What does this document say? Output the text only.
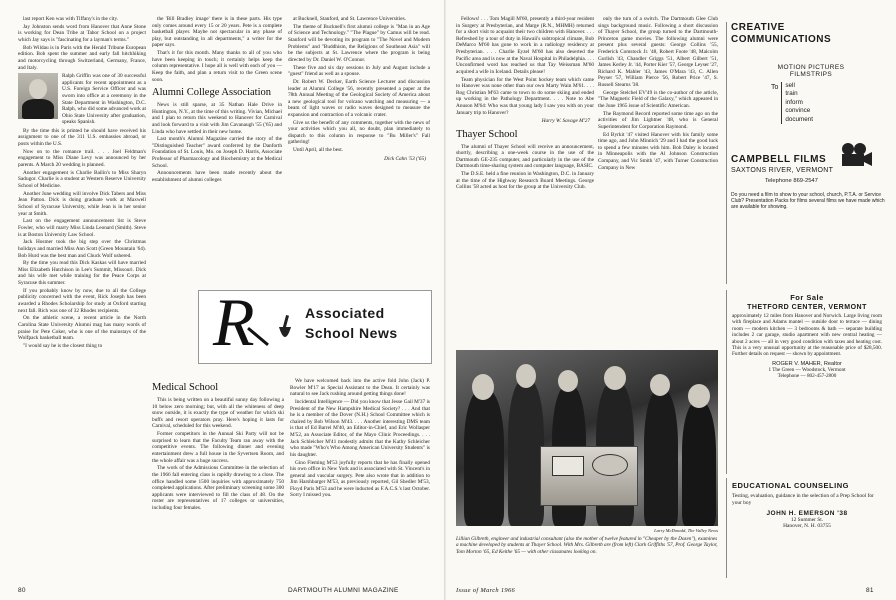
last report Ken was with Tiffany's in the city.

Jay Johnston sends word from Hanover that Anne Stone is working for Dean Tribe at Tabor School on a project which Jay says is "fascinating for a layman's terms."

Bob Wildau is in Paris with the Herald Tribune European edition. Bob spent the summer and early fall hitchhiking and motorcycling through Switzerland, Germany, France, and Italy.

Ralph Griffin was one of 30 successful applicants for recent appointment as a U.S. Foreign Service Officer and was sworn into office at a ceremony in the State Department in Washington, D.C. Ralph, who did some advanced work at Ohio State University after graduation, speaks Spanish.

By the time this is printed he should have received his assignment to one of the 311 U.S. embassies abroad, or posts within the U.S.

Now on to the romance trail. . . . Joel Feldman's engagement to Miss Diane Levy was announced by her parents. A March 20 wedding is planned.

Another engagement is Charlie Bailin's to Miss Sharyn Sadugor. Charlie is a student at Western Reserve University School of Medicine.

Another June wedding will involve Dick Tabers and Miss Jean Patton. Dick is doing graduate work at Maxwell School of Syracuse University, while Jean is in her senior year at Smith.

Last on the engagement announcement list is Steve Fowler, who will marry Miss Linda Leonard (Smith). Steve is at Boston University Law School.

Jack Hosmer took the big step over the Christmas holidays and married Miss Ann Scott (Green Mountain '64). Bob Hurd was the best man and Chuck Wolf ushered.

By the time you read this Dick Kaskas will have married Miss Elizabeth Hutchison in Lee's Summit, Missouri. Dick and his wife met while training for the Peace Corps at Syracuse this summer.

If you probably know by now, due to all the College publicity concerned with the event, Rick Joseph has been awarded a Rhodes Scholarship for study at Oxford starting next fall. Rich was one of 32 Rhodes recipients.

On the athletic scene, a recent article in the North Carolina State University Alumni mag has many words of praise for Pete Coker, who is one of the mainstays of the Wolfpack basketball team.

"I would say he is the closest thing to

the 'Bill Bradley image' there is in these parts. His type only comes around every 15 or 20 years. Pete is a complete basketball player. Maybe not spectacular in any phase of play, but outstanding in all departments," a writer for the paper says.

That's it for this month. Many thanks to all of you who have been keeping in touch; it certainly helps keep the column representative. I hope all is well with each of you — Keep the faith, and plan a return visit to the Green scene soon.

Alumni College Association

News is still sparse, at 35 Nathan Hale Drive in Huntington, N.Y., at the time of this writing. Vivian, Michael and I plan to return this weekend to Hanover for Carnival and look forward to a visit with Jim Cavanaugh '55 ('65) and Linda who have settled in their new home.

Last month's Alumni Magazine carried the story of the "Distinguished Teacher" award conferred by the Danforth Foundation of St. Louis, Mo. on Joseph D. Harris, Associate Professor of Pharmacology and Biochemistry at the Medical School.

Announcements have been made recently about the establishment of alumni colleges

at Bucknell, Stanford, and St. Lawrence Universities.

The theme of Bucknell's first alumni college is "Man in an Age of Science and Technology." "The Plague" by Camus will be read. Stanford will be devoting its program to "The Novel and Modern Problems" and "Buddhism, the Religions of Southeast Asia" will be the subjects at St. Lawrence where the program is being directed by Dr. Daniel W. O'Connor.

These five and six day sessions in July and August include a "guest" friend as well as a spouse.

Dr. Robert W. Decker, Earth Science Lecturer and discussion leader at Alumni College '56, recently presented a paper at the 78th Annual Meeting of the Geological Society of America about a new geological tool for volcano watching and measuring — a beam of light waves or radio waves designed to measure the expansion and contraction of a volcanic crater.

Give us the benefit of any comments, together with the news of your activities which you all, no doubt, plan immediately to dispatch to this column in response to "Bu Miller's" Fall gathering!

Until April, all the best.

Dick Cahn '53 ('65)
R	Associated
School News
Medical School

This is being written on a beautiful sunny day following a 10 below zero morning; but, with all the whiteness of deep snow outside, it is exactly the type of weather for which ski buffs and resort operators pray. Here's hoping it lasts for Carnival, scheduled for this weekend.

Former competitors in the Annual Ski Party will not be surprised to learn that the Faculty Team ran away with the competitive events. The following dinner and evening entertainment drew a full house in the Syvertsen Room, and the whole affair was a huge success.

The work of the Admissions Committee in the selection of the 1966 fall entering class is rapidly drawing to a close. The office handled some 1500 inquiries with approximately 750 completed applications. After preliminary screening some 300 applicants were interviewed to fill the class of 48. On the roster are representatives of 17 colleges or universities, including four females.

We have welcomed back into the active fold John (Jack) P. Bowler M'17 as Special Assistant to the Dean. It certainly was natural to see Jack rushing around getting things done!

Incidental Intelligence — Did you know that Jesse Gail M'37 is President of the New Hampshire Medical Society? . . . And that he is a member of the Dover (N.H.) School Committee which is chaired by Bob Wilson M'43. . . . Another interesting DMS team is that of Ed Barrel M'40, an Editor-in-Chief, and Eric Wollasper M'52, an Associate Editor, of the Mayo Clinic Proceedings. . . . Jack Schleicher M'41 modestly admits that the Kathy Schleicher who made "Who's Who Among American University Students" is his daughter.

Gino Fleming M'53 joyfully reports that he has finally opened his own office in New York and is associated with St. Vincent's in general and vascular surgery. Pete also wrote that in addition to Jim Harshbarger M'53, as previously reported, Gil Shedler M'53, Floyd Paris M'53 and he were inducted as F.A.C.S.'s last October. Sorry I missed you.

80	DARTMOUTH ALUMNI MAGAZINE

Fellows! . . . Tom Magill M'60, presently a third-year resident in Surgery at Presbyterian, and Marge (R.N., MHMH) returned for a short visit to acquaint their two children with Hanover. . . . Refreshed by a tour of duty in Hawaii's subtropical climate, Bob DeMarco M'60 has gone to work in a radiology residency at Presbyterian. . . . Charlie Eyzel M'60 has also deserted the Pacific area and is now at the Naval Hospital in Philadelphia. . . . Unconfirmed word has reached us that Tay Weissman M'60 acquired a wife in Iceland. Details please!

Team physician for the West Point hockey team which came to Hanover was none other than our own Marty Wain M'61. . . . Rog Christian M'63 came to town to do some skiing and ended up working in the Pathology Department. . . . Note to Abe Anuson M'64: Who was that young lady I saw you with on your January trip to Hanover?

Harry W. Savage M'27
Thayer School

The alumni of Thayer School will receive an announcement, shortly, describing a one-week course in the use of the Dartmouth GE-235 computer, and particularly in the use of the Dartmouth time-sharing system and computer language, BASIC.

The D.S.E. held a fine reunion in Washington, D.C. in January at the time of the Highway Research Board Meetings. George Collins '58 acted as host for the group at the University Club.

only the turn of a switch. The Dartmouth Glee Club sings background music. Following a short discussion of Thayer School, the group turned to the Dartmouth-Princeton game movies. The following alumni were present plus several guests: George Collins '55, Frederick Comstock Jr. '48, Robert Foote '48, Malcolm Gurlish '43, Chandler Griggs '51, Albert Gilbert '51, James Kerley Jr. '44, Porter Kier '57, George Leyser '27, Richard K. Mahler '43, James O'Mara '43, C. Allen Peyser '57, William Pierce '56, Robert Price '47, S. Russell Stearns '38.

George Stelchel EV'49 is the co-author of the article, "The Magnetic Field of the Galaxy," which appeared in the June 1965 issue of Scientific American.

The Raymond Record reported some time ago on the activities of Jim Lightner '48, who is General Superintendent for Corporation Raymond.

Ed Byrkit '47 visited Hanover with his family some time ago, and John Minnich '29 and I had the good luck to spend a few minutes with him. Bob Daley is located in Minneapolis with the Al Johnson Construction Company, and Vic Smith '47, with Turner Construction Company in New

Larry McDonald, The Valley News
Lillian Gilbreth, engineer and industrial consultant (also the mother of twelve featured in "Cheaper by the Dozen"), examines a machine developed by students at Thayer School. With Mrs. Gilbreth are (from left) Clark Griffiths '57, Prof. George Taylor, Tom Morton '65, Ed Keithe '65 — with other classmates looking on.
CREATIVE
COMMUNICATIONS
MOTION PICTURES
FILMSTRIPS
To sell
train
inform
convince
document
CAMPBELL FILMS
SAXTONS RIVER, VERMONT
Telephone 869-2547
Do you need a film to show to your school, church, P.T.A. or Service Club? Presentation Packs for films several films we have made which are available for showing.
For Sale
THETFORD CENTER, VERMONT
approximately 12 miles from Hanover and Norwich. Large living room with fireplace and Adams mantel — outside door to terrace — dining room — modern kitchen — 3 bedrooms & bath — separate building includes 2 car garage, studio apartment with new central heating — about 2 acres — all in very good condition with taxes and heating cost. This is a very unusual opportunity at the reasonable price of $28,500. Further details on request — shown by appointment.
ROGER V. MAHER, Realtor
1 The Green — Woodstock, Vermont
Telephone — 802-457-2800
EDUCATIONAL COUNSELING
Testing, evaluation, guidance in the selection of a Prep School for your boy
JOHN H. EMERSON '38
12 Summer St.
Hanover, N. H. 03755
Issue of March 1966	81
